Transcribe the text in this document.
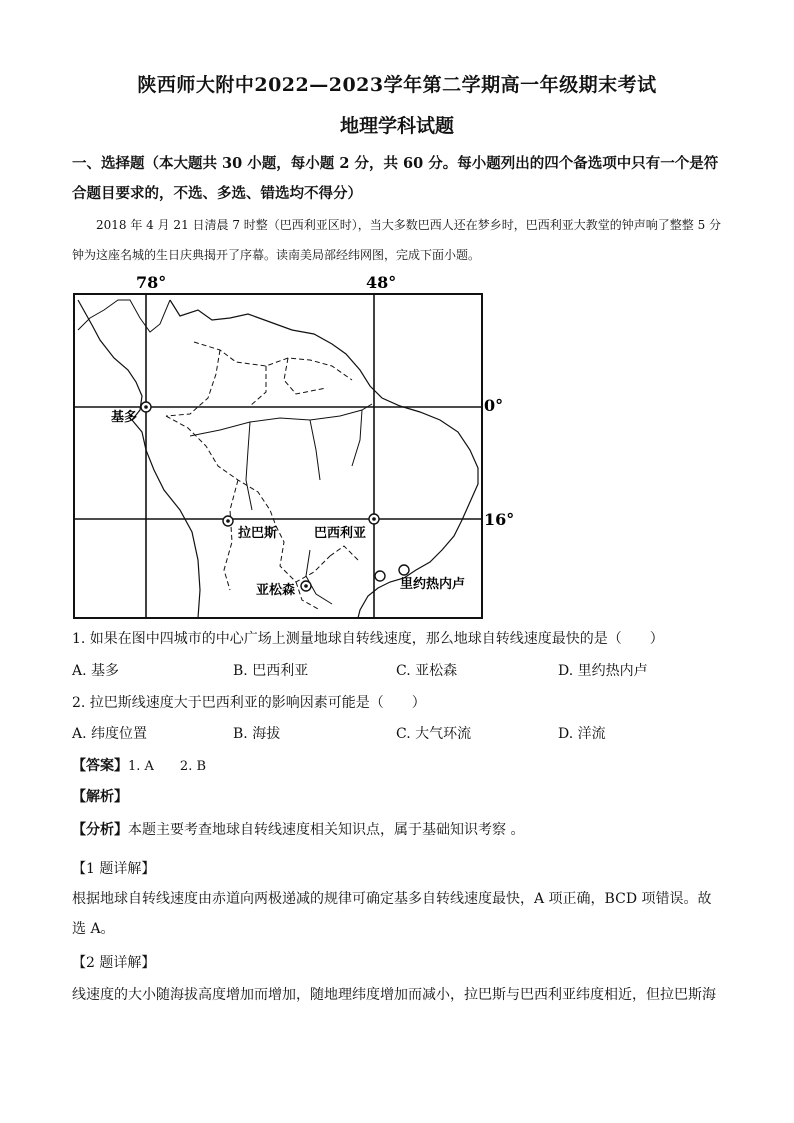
陕西师大附中2022—2023学年第二学期高一年级期末考试
地理学科试题
一、选择题（本大题共 30 小题，每小题 2 分，共 60 分。每小题列出的四个备选项中只有一个是符合题目要求的，不选、多选、错选均不得分）
2018 年 4 月 21 日清晨 7 时整（巴西利亚区时），当大多数巴西人还在梦乡时，巴西利亚大教堂的钟声响了整整 5 分钟为这座名城的生日庆典揭开了序幕。读南美局部经纬网图，完成下面小题。
78°	48°
0°
16°
基多
拉巴斯	巴西利亚
亚松森	里约热内卢
1. 如果在图中四城市的中心广场上测量地球自转线速度，那么地球自转线速度最快的是（　　）
A. 基多	B. 巴西利亚	C. 亚松森	D. 里约热内卢
2. 拉巴斯线速度大于巴西利亚的影响因素可能是（　　）
A. 纬度位置	B. 海拔	C. 大气环流	D. 洋流
【答案】1. A　　2. B
【解析】
【分析】本题主要考查地球自转线速度相关知识点，属于基础知识考察 。
【1 题详解】
根据地球自转线速度由赤道向两极递减的规律可确定基多自转线速度最快，A 项正确，BCD 项错误。故选 A。
【2 题详解】
线速度的大小随海拔高度增加而增加，随地理纬度增加而减小，拉巴斯与巴西利亚纬度相近，但拉巴斯海
